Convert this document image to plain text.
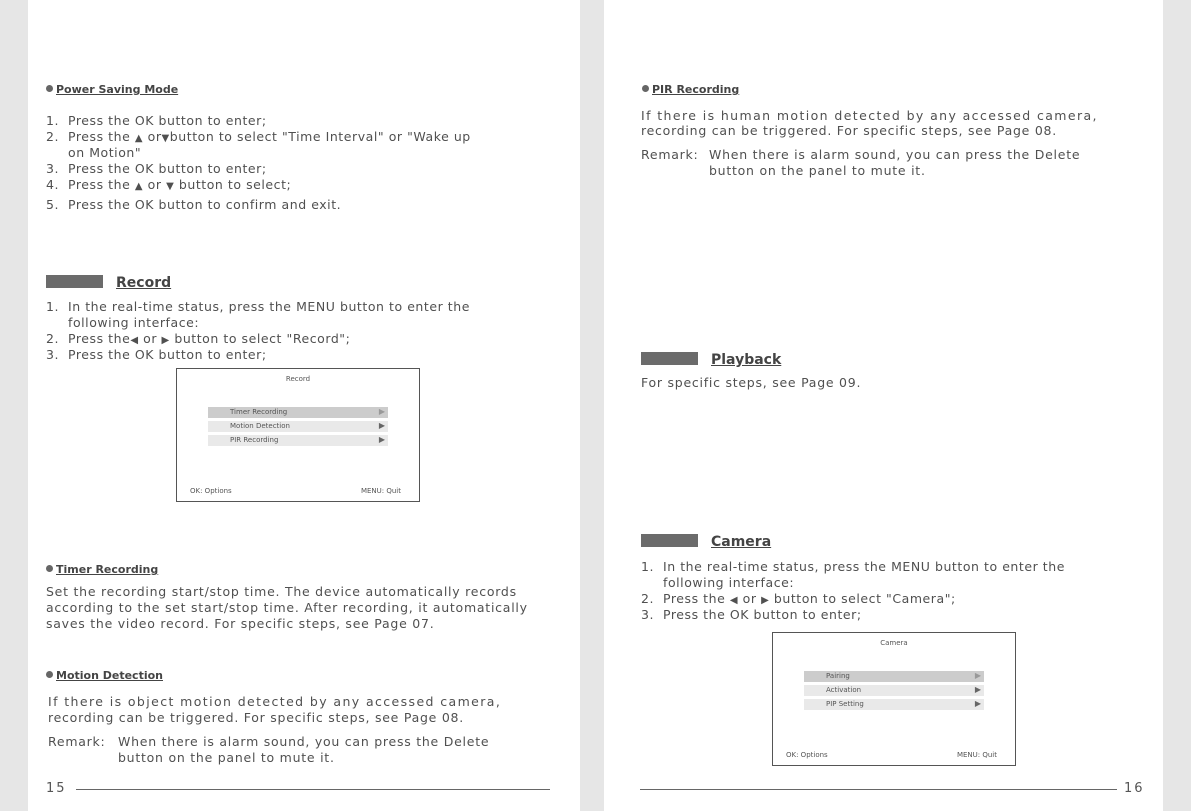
Power Saving Mode
1. Press the OK button to enter;
2. Press the ▲ or▼button to select "Time Interval" or "Wake up
on Motion"
3. Press the OK button to enter;
4. Press the ▲ or ▼ button to select;
5. Press the OK button to confirm and exit.
Record
1. In the real-time status, press the MENU button to enter the
following interface:
2. Press the◀ or ▶ button to select "Record";
3. Press the OK button to enter;
Record
Timer Recording	▶
Motion Detection	▶
PIR Recording	▶
OK: Options	MENU: Quit
Timer Recording
Set the recording start/stop time. The device automatically records
according to the set start/stop time. After recording, it automatically
saves the video record. For specific steps, see Page 07.
Motion Detection
If there is object motion detected by any accessed camera,
recording can be triggered. For specific steps, see Page 08.
Remark: When there is alarm sound, you can press the Delete
button on the panel to mute it.
15
PIR Recording
If there is human motion detected by any accessed camera,
recording can be triggered. For specific steps, see Page 08.
Remark: When there is alarm sound, you can press the Delete
button on the panel to mute it.
Playback
For specific steps, see Page 09.
Camera
1. In the real-time status, press the MENU button to enter the
following interface:
2. Press the ◀ or ▶ button to select "Camera";
3. Press the OK button to enter;
Camera
Pairing	▶
Activation	▶
PIP Setting	▶
OK: Options	MENU: Quit
16
